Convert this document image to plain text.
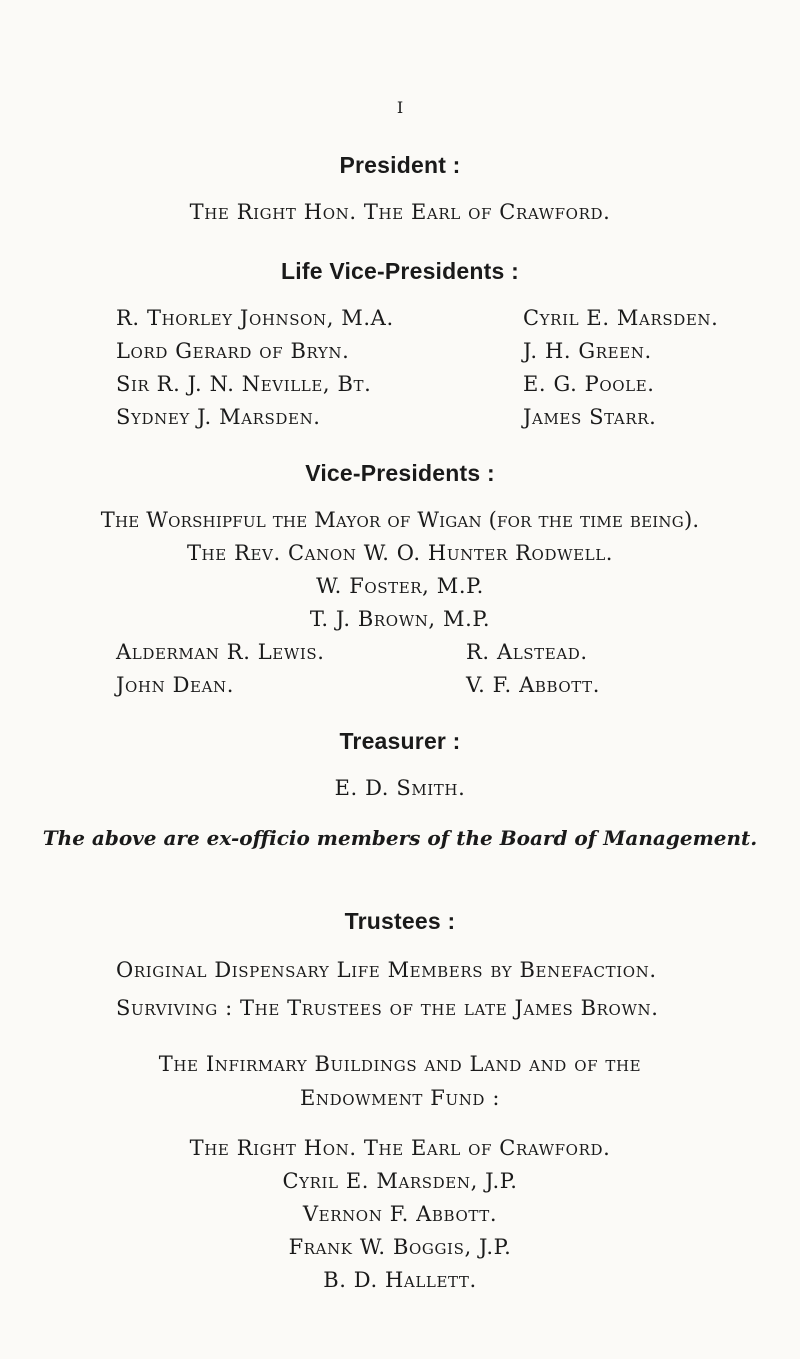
I
President :
The Right Hon. The Earl of Crawford.
Life Vice-Presidents :
R. Thorley Johnson, M.A.
Lord Gerard of Bryn.
Sir R. J. N. Neville, Bt.
Sydney J. Marsden.
Cyril E. Marsden.
J. H. Green.
E. G. Poole.
James Starr.
Vice-Presidents :
The Worshipful the Mayor of Wigan (for the time being).
The Rev. Canon W. O. Hunter Rodwell.
W. Foster, M.P.
T. J. Brown, M.P.
Alderman R. Lewis.
John Dean.
R. Alstead.
V. F. Abbott.
Treasurer :
E. D. Smith.
The above are ex-officio members of the Board of Management.
Trustees :
Original Dispensary Life Members by Benefaction.
Surviving : The Trustees of the late James Brown.
The Infirmary Buildings and Land and of the
Endowment Fund :
The Right Hon. The Earl of Crawford.
Cyril E. Marsden, J.P.
Vernon F. Abbott.
Frank W. Boggis, J.P.
B. D. Hallett.
